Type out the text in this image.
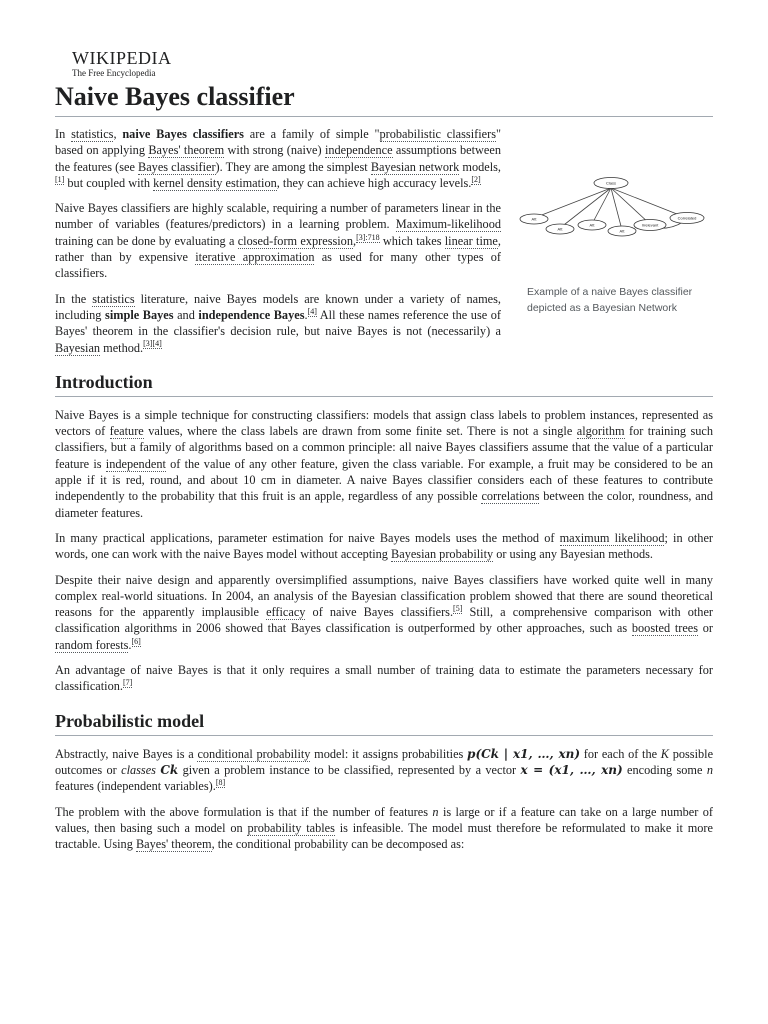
WIKIPEDIA
The Free Encyclopedia
Naive Bayes classifier
Class
Att
Att
Att
Att
Irrelevant
Correlated
Example of a naive Bayes classifier depicted as a Bayesian Network

In statistics, naive Bayes classifiers are a family of simple "probabilistic classifiers" based on applying Bayes' theorem with strong (naive) independence assumptions between the features (see Bayes classifier). They are among the simplest Bayesian network models,[1] but coupled with kernel density estimation, they can achieve high accuracy levels.[2]

Naive Bayes classifiers are highly scalable, requiring a number of parameters linear in the number of variables (features/predictors) in a learning problem. Maximum-likelihood training can be done by evaluating a closed-form expression,$^{[3]:718}$ which takes linear time, rather than by expensive iterative approximation as used for many other types of classifiers.

In the statistics literature, naive Bayes models are known under a variety of names, including simple Bayes and independence Bayes.[4] All these names reference the use of Bayes' theorem in the classifier's decision rule, but naive Bayes is not (necessarily) a Bayesian method.[3][4]

Introduction

Naive Bayes is a simple technique for constructing classifiers: models that assign class labels to problem instances, represented as vectors of feature values, where the class labels are drawn from some finite set. There is not a single algorithm for training such classifiers, but a family of algorithms based on a common principle: all naive Bayes classifiers assume that the value of a particular feature is independent of the value of any other feature, given the class variable. For example, a fruit may be considered to be an apple if it is red, round, and about 10 cm in diameter. A naive Bayes classifier considers each of these features to contribute independently to the probability that this fruit is an apple, regardless of any possible correlations between the color, roundness, and diameter features.

In many practical applications, parameter estimation for naive Bayes models uses the method of maximum likelihood; in other words, one can work with the naive Bayes model without accepting Bayesian probability or using any Bayesian methods.

Despite their naive design and apparently oversimplified assumptions, naive Bayes classifiers have worked quite well in many complex real-world situations. In 2004, an analysis of the Bayesian classification problem showed that there are sound theoretical reasons for the apparently implausible efficacy of naive Bayes classifiers.[5] Still, a comprehensive comparison with other classification algorithms in 2006 showed that Bayes classification is outperformed by other approaches, such as boosted trees or random forests.[6]

An advantage of naive Bayes is that it only requires a small number of training data to estimate the parameters necessary for classification.[7]

Probabilistic model

Abstractly, naive Bayes is a conditional probability model: it assigns probabilities p(Ck | x1, …, xn) for each of the K possible outcomes or classes Ck given a problem instance to be classified, represented by a vector x = (x1, …, xn) encoding some n features (independent variables).[8]

The problem with the above formulation is that if the number of features n is large or if a feature can take on a large number of values, then basing such a model on probability tables is infeasible. The model must therefore be reformulated to make it more tractable. Using Bayes' theorem, the conditional probability can be decomposed as:
